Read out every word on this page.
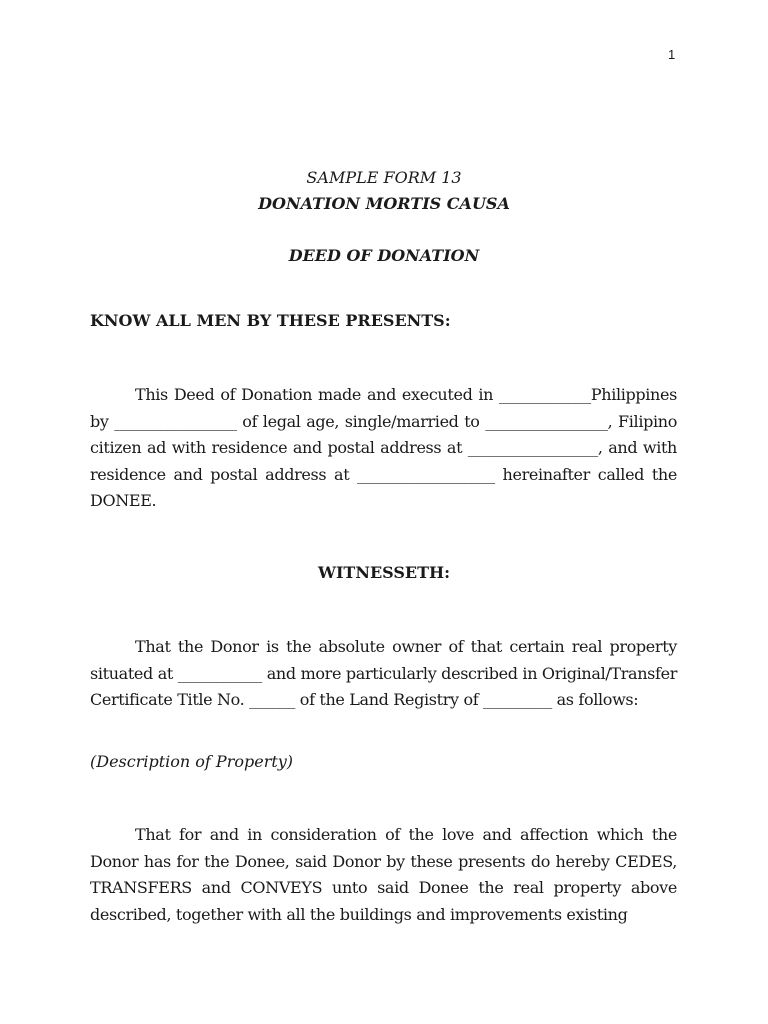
1
SAMPLE FORM 13
DONATION MORTIS CAUSA
DEED OF DONATION
KNOW ALL MEN BY THESE PRESENTS:

This Deed of Donation made and executed in ____________Philippines by ________________ of legal age, single/married to ________________, Filipino citizen ad with residence and postal address at _________________, and with residence and postal address at __________________ hereinafter called the DONEE.

WITNESSETH:

That the Donor is the absolute owner of that certain real property situated at ___________ and more particularly described in Original/Transfer Certificate Title No. ______ of the Land Registry of _________ as follows:

(Description of Property)

That for and in consideration of the love and affection which the Donor has for the Donee, said Donor by these presents do hereby CEDES, TRANSFERS and CONVEYS unto said Donee the real property above described, together with all the buildings and improvements existing
